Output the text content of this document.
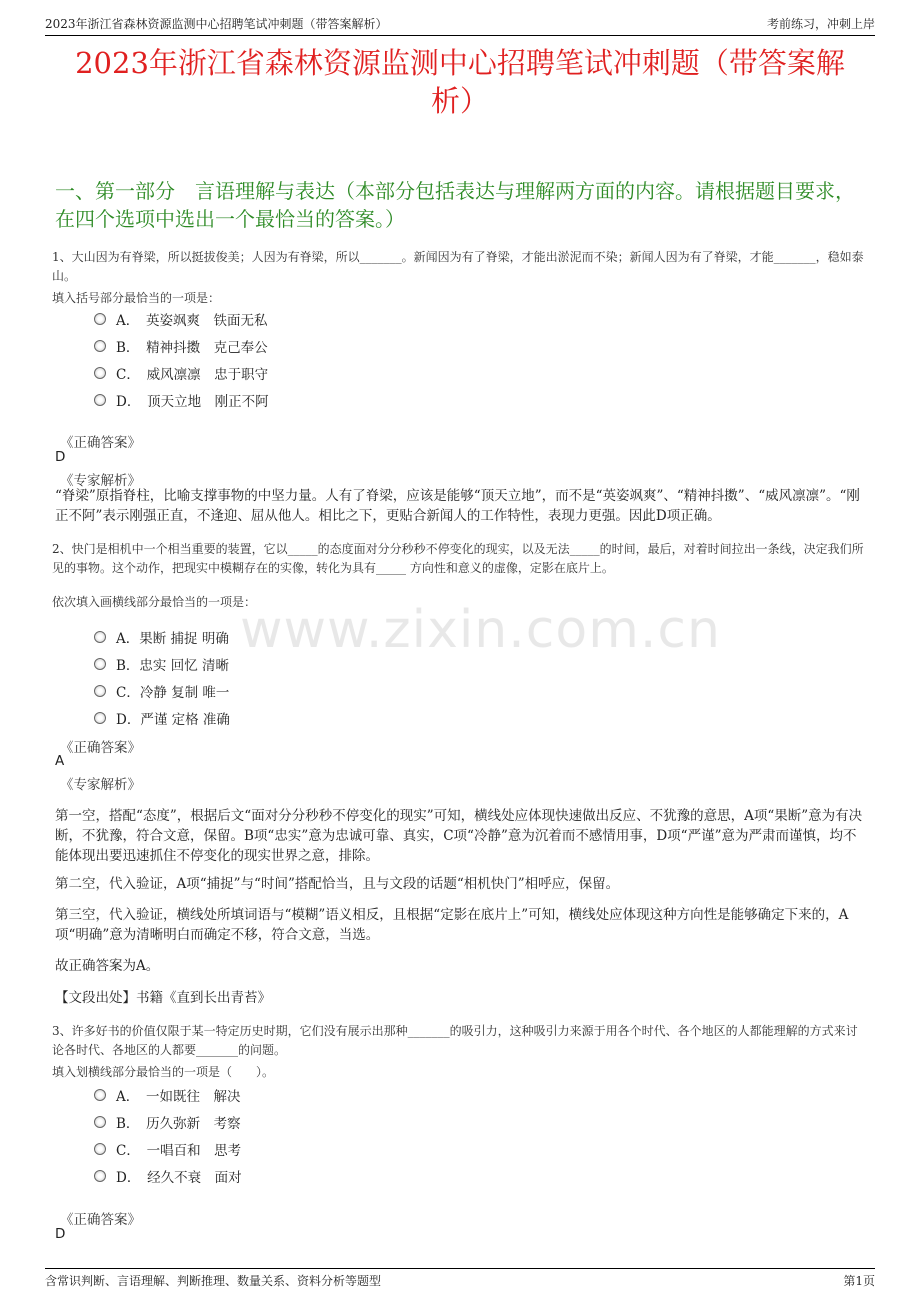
2023年浙江省森林资源监测中心招聘笔试冲刺题（带答案解析）	考前练习，冲刺上岸
2023年浙江省森林资源监测中心招聘笔试冲刺题（带答案解析）
一、第一部分　言语理解与表达（本部分包括表达与理解两方面的内容。请根据题目要求，在四个选项中选出一个最恰当的答案。）
1、大山因为有脊梁，所以挺拔俊美；人因为有脊梁，所以_______。新闻因为有了脊梁，才能出淤泥而不染；新闻人因为有了脊梁，才能_______，稳如泰山。
填入括号部分最恰当的一项是：
A．　英姿飒爽　铁面无私
B．　精神抖擞　克己奉公
C．　威风凛凛　忠于职守
D．　顶天立地　刚正不阿
《正确答案》
D
《专家解析》
“脊梁”原指脊柱，比喻支撑事物的中坚力量。人有了脊梁，应该是能够“顶天立地”，而不是“英姿飒爽”、“精神抖擞”、“威风凛凛”。“刚正不阿”表示刚强正直，不逢迎、屈从他人。相比之下，更贴合新闻人的工作特性，表现力更强。因此D项正确。
2、快门是相机中一个相当重要的装置，它以_____的态度面对分分秒秒不停变化的现实，以及无法_____的时间，最后，对着时间拉出一条线，决定我们所见的事物。这个动作，把现实中模糊存在的实像，转化为具有_____ 方向性和意义的虚像，定影在底片上。
依次填入画横线部分最恰当的一项是：
A．果断 捕捉 明确
B．忠实 回忆 清晰
C．冷静 复制 唯一
D．严谨 定格 准确
《正确答案》
A
《专家解析》
第一空，搭配“态度”，根据后文“面对分分秒秒不停变化的现实”可知，横线处应体现快速做出反应、不犹豫的意思，A项“果断”意为有决断，不犹豫，符合文意，保留。B项“忠实”意为忠诚可靠、真实，C项“冷静”意为沉着而不感情用事，D项“严谨”意为严肃而谨慎，均不能体现出要迅速抓住不停变化的现实世界之意，排除。
第二空，代入验证，A项“捕捉”与“时间”搭配恰当，且与文段的话题“相机快门”相呼应，保留。
第三空，代入验证，横线处所填词语与“模糊”语义相反，且根据“定影在底片上”可知，横线处应体现这种方向性是能够确定下来的，A项“明确”意为清晰明白而确定不移，符合文意，当选。
故正确答案为A。
【文段出处】书籍《直到长出青苔》
3、许多好书的价值仅限于某一特定历史时期，它们没有展示出那种_______的吸引力，这种吸引力来源于用各个时代、各个地区的人都能理解的方式来讨论各时代、各地区的人都要_______的问题。
填入划横线部分最恰当的一项是（　　）。
A．　一如既往　解决
B．　历久弥新　考察
C．　一唱百和　思考
D．　经久不衰　面对
《正确答案》
D
www.zixin.com.cn
含常识判断、言语理解、判断推理、数量关系、资料分析等题型	第1页
